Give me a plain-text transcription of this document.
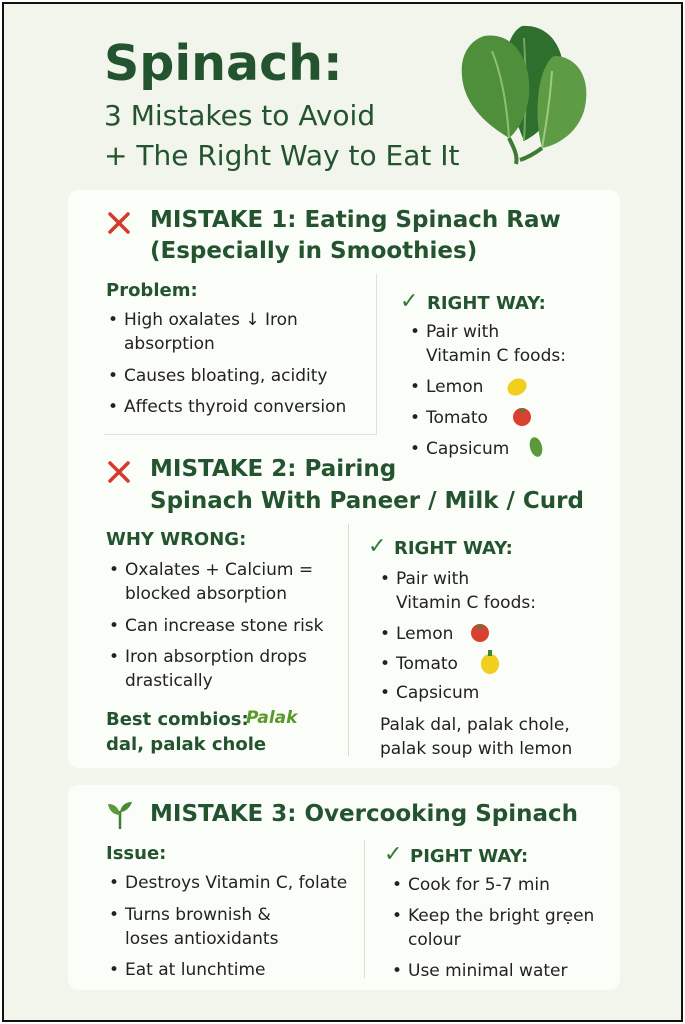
Spinach:
3 Mistakes to Avoid
+ The Right Way to Eat It
MISTAKE 1: Eating Spinach Raw
(Especially in Smoothies)
Problem:
• High oxalates ↓ Iron
absorption
• Causes bloating, acidity
• Affects thyroid conversion
✓ RIGHT WAY:
• Pair with
Vitamin C foods:
• Lemon
• Tomato
• Capsicum
MISTAKE 2: Pairing
Spinach With Paneer / Milk / Curd
WHY WRONG:
• Oxalates + Calcium =
blocked absorption
• Can increase stone risk
• Iron absorption drops
drastically
Best combios:
Palak
dal, palak chole
✓ RIGHT WAY:
• Pair with
Vitamin C foods:
• Lemon
• Tomato
• Capsicum
Palak dal, palak chole,
palak soup with lemon
MISTAKE 3: Overcooking Spinach
Issue:
• Destroys Vitamin C, folate
• Turns brownish &
loses antioxidants
• Eat at lunchtime
✓ PIGHT WAY:
• Cook for 5-7 min
• Keep the bright grẹen
colour
• Use minimal water
